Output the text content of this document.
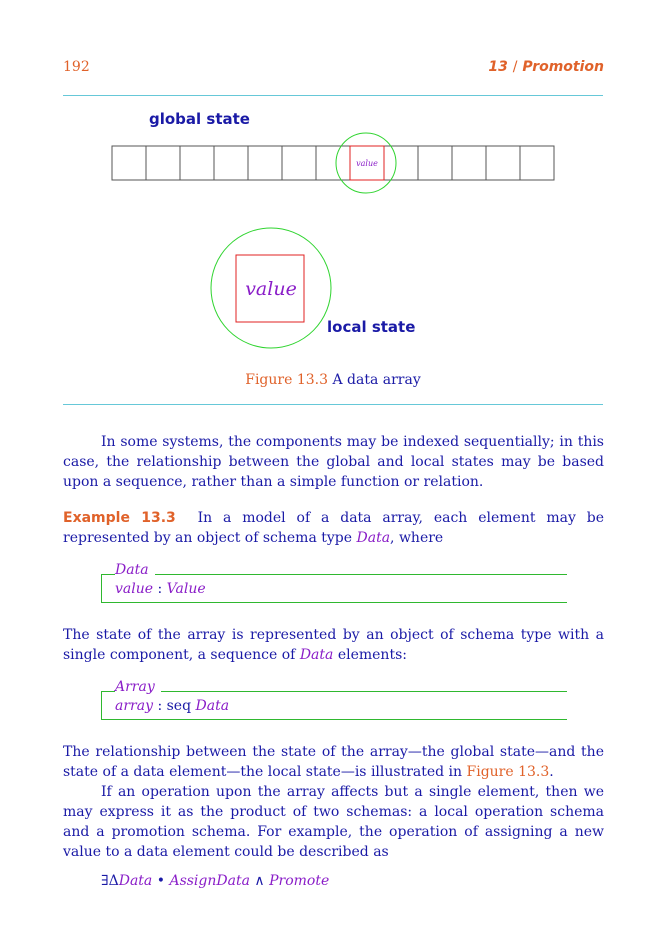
192	13 / Promotion
global state
value
value
local state
Figure 13.3 A data array
In some systems, the components may be indexed sequentially; in this case, the relationship between the global and local states may be based upon a sequence, rather than a simple function or relation.
Example 13.3 In a model of a data array, each element may be represented by an object of schema type Data, where
Data
value : Value
The state of the array is represented by an object of schema type with a single component, a sequence of Data elements:
Array
array : seq Data
The relationship between the state of the array—the global state—and the state of a data element—the local state—is illustrated in Figure 13.3.
If an operation upon the array affects but a single element, then we may express it as the product of two schemas: a local operation schema and a promotion schema. For example, the operation of assigning a new value to a data element could be described as
∃ΔData • AssignData ∧ Promote
